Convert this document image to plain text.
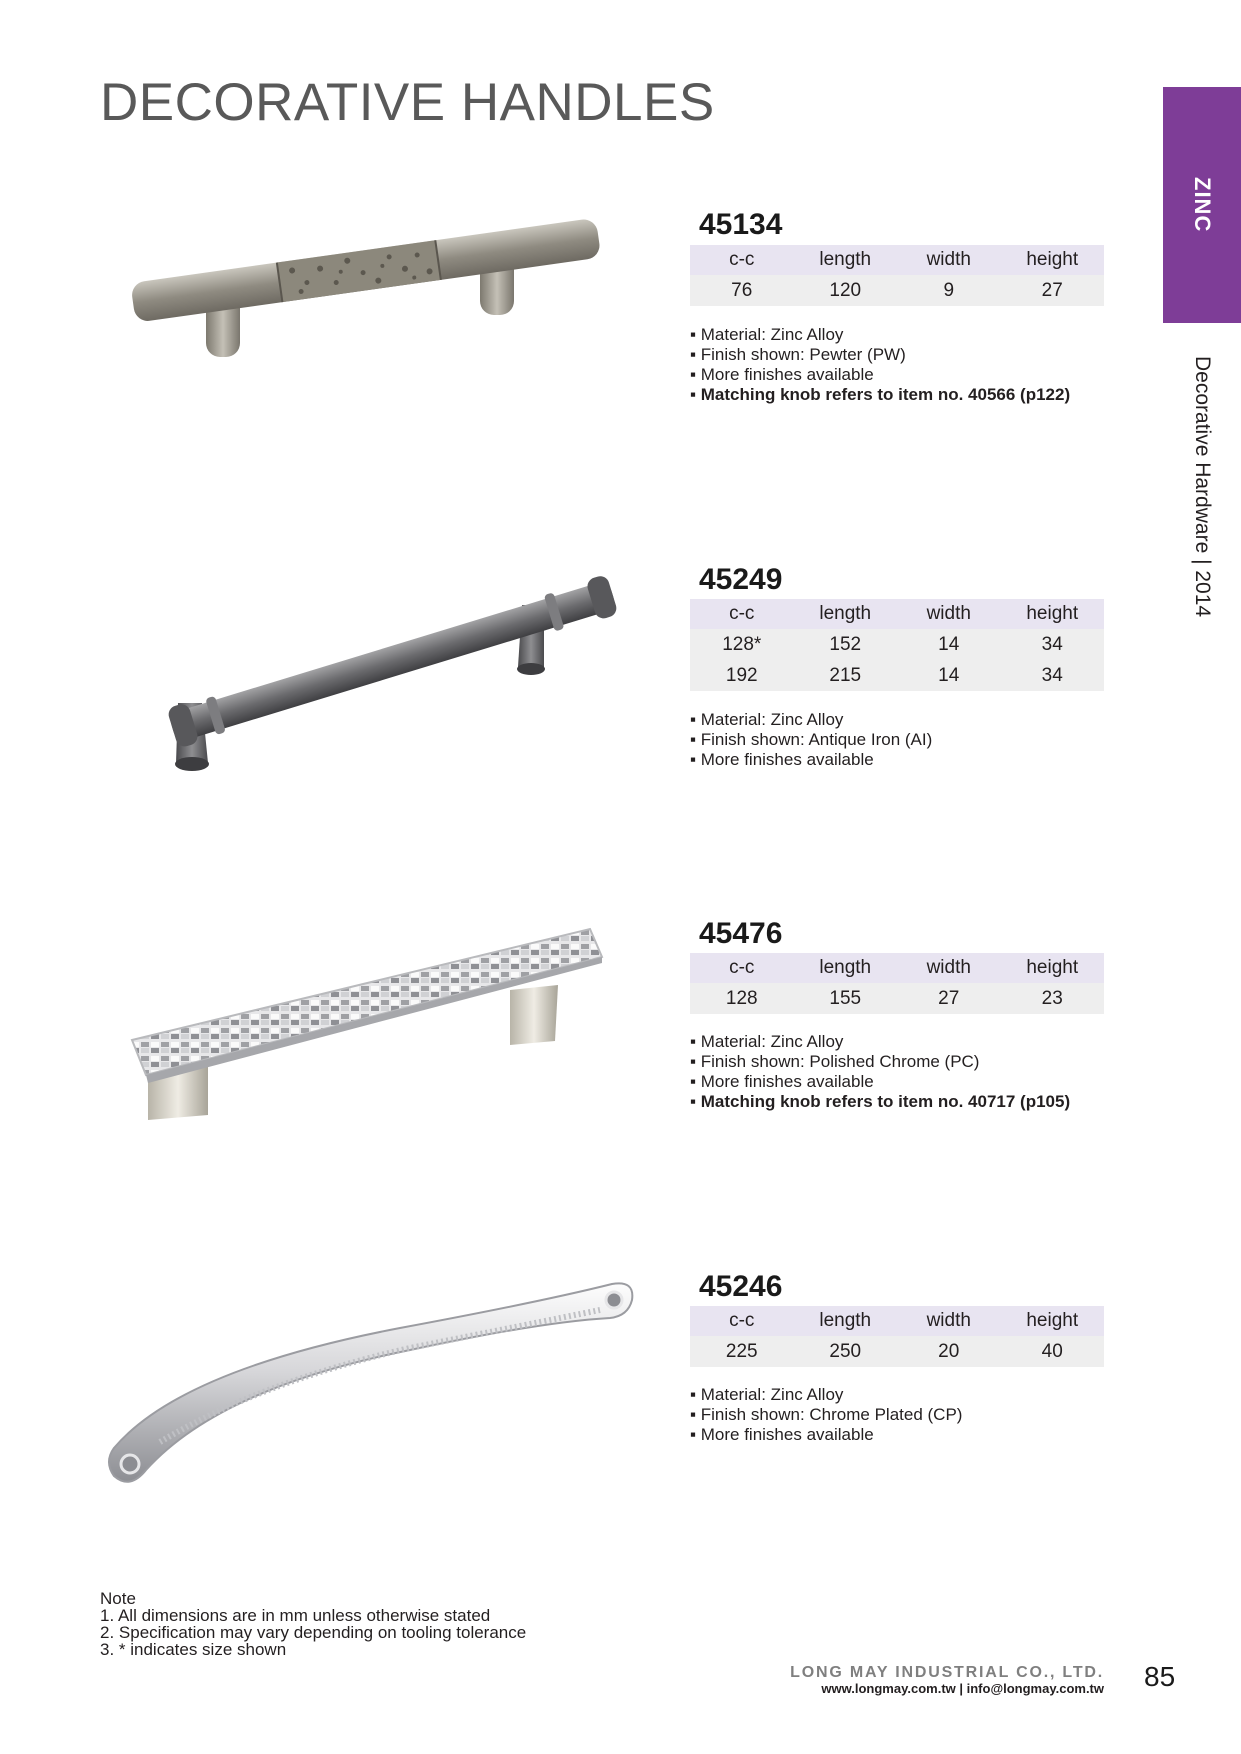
DECORATIVE HANDLES
ZINC
Decorative Hardware | 2014
45134
c-c	length	width	height
76	120	9	27
▪ Material: Zinc Alloy
▪ Finish shown: Pewter (PW)
▪ More finishes available
▪ Matching knob refers to item no. 40566 (p122)
45249
c-c	length	width	height
128*	152	14	34
192	215	14	34
▪ Material: Zinc Alloy
▪ Finish shown: Antique Iron (AI)
▪ More finishes available
45476
c-c	length	width	height
128	155	27	23
▪ Material: Zinc Alloy
▪ Finish shown: Polished Chrome (PC)
▪ More finishes available
▪ Matching knob refers to item no. 40717 (p105)
45246
c-c	length	width	height
225	250	20	40
▪ Material: Zinc Alloy
▪ Finish shown: Chrome Plated (CP)
▪ More finishes available
Note
1. All dimensions are in mm unless otherwise stated
2. Specification may vary depending on tooling tolerance
3. * indicates size shown
LONG MAY INDUSTRIAL CO., LTD.
www.longmay.com.tw | info@longmay.com.tw 85
